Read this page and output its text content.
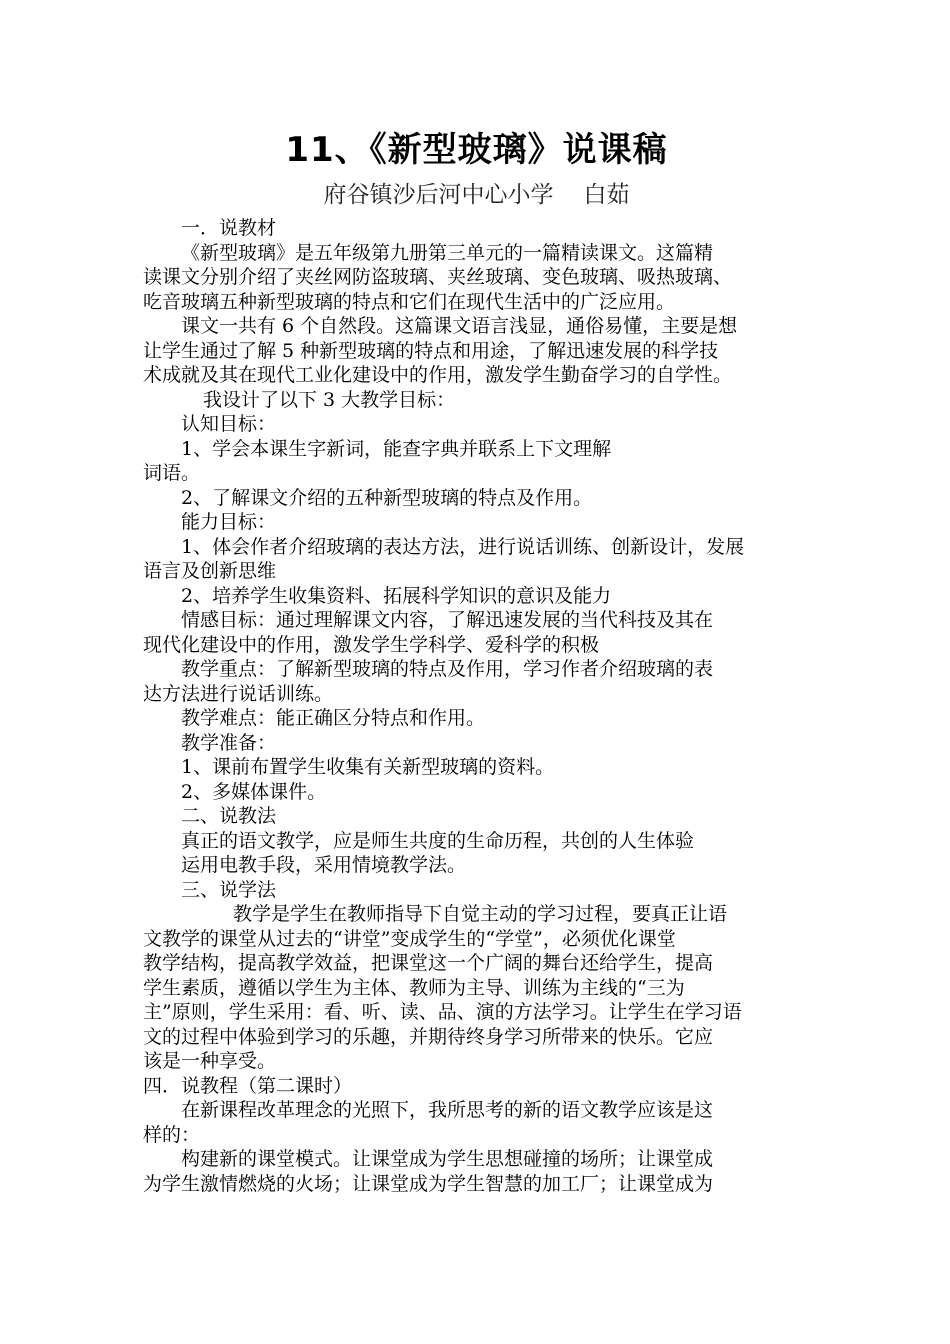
11、《新型玻璃》说课稿
府谷镇沙后河中心小学 白茹

一．说教材

《新型玻璃》是五年级第九册第三单元的一篇精读课文。这篇精

读课文分别介绍了夹丝网防盗玻璃、夹丝玻璃、变色玻璃、吸热玻璃、

吃音玻璃五种新型玻璃的特点和它们在现代生活中的广泛应用。

课文一共有 6 个自然段。这篇课文语言浅显，通俗易懂，主要是想

让学生通过了解 5 种新型玻璃的特点和用途，了解迅速发展的科学技

术成就及其在现代工业化建设中的作用，激发学生勤奋学习的自学性。

我设计了以下 3 大教学目标：

认知目标：

1、学会本课生字新词，能查字典并联系上下文理解

词语。

2、了解课文介绍的五种新型玻璃的特点及作用。

能力目标：

1、体会作者介绍玻璃的表达方法，进行说话训练、创新设计，发展

语言及创新思维

2、培养学生收集资料、拓展科学知识的意识及能力

情感目标：通过理解课文内容，了解迅速发展的当代科技及其在

现代化建设中的作用，激发学生学科学、爱科学的积极

教学重点：了解新型玻璃的特点及作用，学习作者介绍玻璃的表

达方法进行说话训练。

教学难点：能正确区分特点和作用。

教学准备：

1、课前布置学生收集有关新型玻璃的资料。

2、多媒体课件。

二、说教法

真正的语文教学，应是师生共度的生命历程，共创的人生体验

运用电教手段，采用情境教学法。

三、说学法

教学是学生在教师指导下自觉主动的学习过程，要真正让语

文教学的课堂从过去的“讲堂”变成学生的“学堂”，必须优化课堂

教学结构，提高教学效益，把课堂这一个广阔的舞台还给学生，提高

学生素质，遵循以学生为主体、教师为主导、训练为主线的“三为

主”原则，学生采用：看、听、读、品、演的方法学习。让学生在学习语

文的过程中体验到学习的乐趣，并期待终身学习所带来的快乐。它应

该是一种享受。

四．说教程（第二课时）

在新课程改革理念的光照下，我所思考的新的语文教学应该是这

样的：

构建新的课堂模式。让课堂成为学生思想碰撞的场所；让课堂成

为学生激情燃烧的火场；让课堂成为学生智慧的加工厂；让课堂成为
